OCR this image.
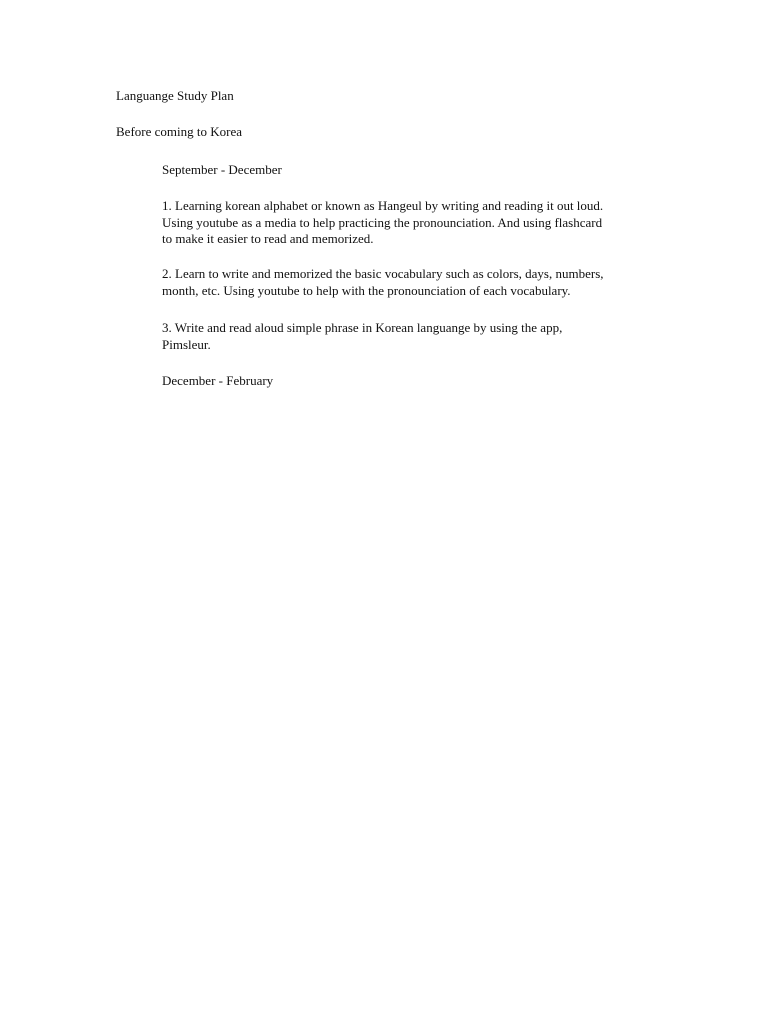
Languange Study Plan
Before coming to Korea
September - December
1. Learning korean alphabet or known as Hangeul by writing and reading it out loud.
Using youtube as a media to help practicing the pronounciation. And using flashcard
to make it easier to read and memorized.
2. Learn to write and memorized the basic vocabulary such as colors, days, numbers,
month, etc. Using youtube to help with the pronounciation of each vocabulary.
3. Write and read aloud simple phrase in Korean languange by using the app,
Pimsleur.
December - February
